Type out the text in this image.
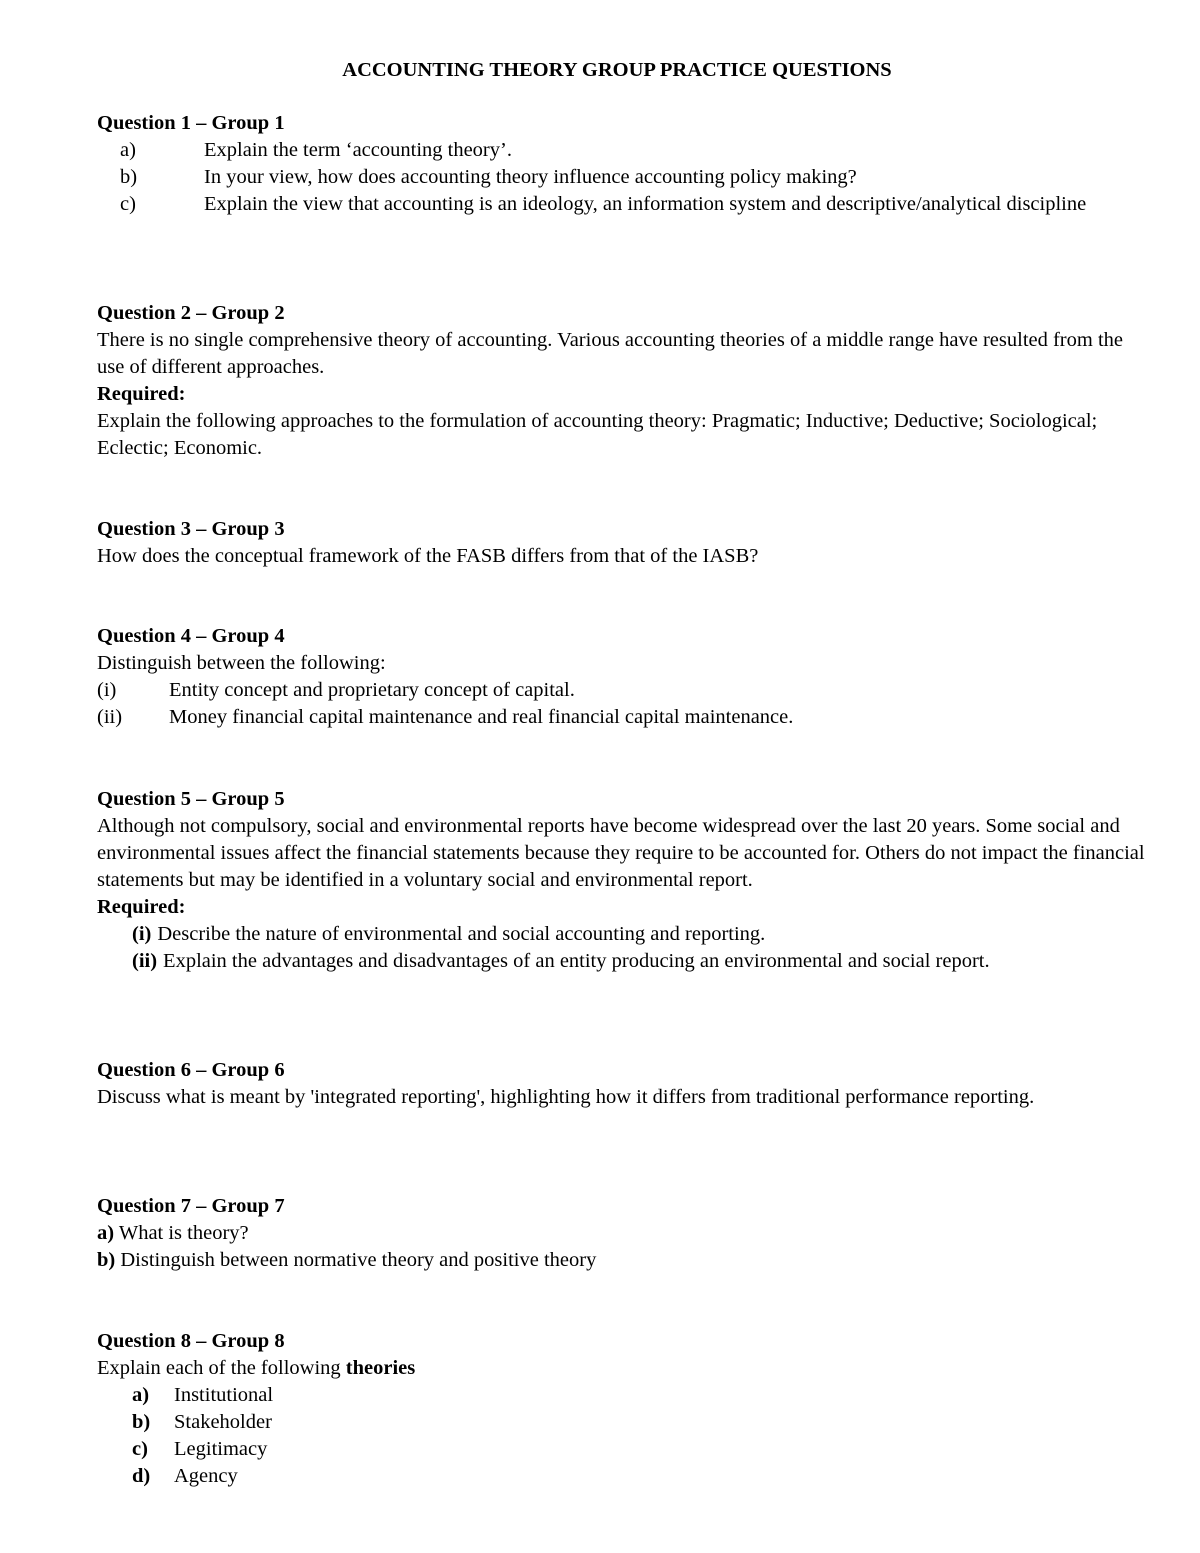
ACCOUNTING THEORY GROUP PRACTICE QUESTIONS

Question 1 – Group 1

a)	Explain the term ‘accounting theory’.
b)	In your view, how does accounting theory influence accounting policy making?
c)	Explain the view that accounting is an ideology, an information system and descriptive/analytical discipline

Question 2 – Group 2

There is no single comprehensive theory of accounting. Various accounting theories of a middle range have resulted from the use of different approaches.

Required:

Explain the following approaches to the formulation of accounting theory: Pragmatic; Inductive; Deductive; Sociological; Eclectic; Economic.

Question 3 – Group 3

How does the conceptual framework of the FASB differs from that of the IASB?

Question 4 – Group 4

Distinguish between the following:

(i)	Entity concept and proprietary concept of capital.
(ii)	Money financial capital maintenance and real financial capital maintenance.

Question 5 – Group 5

Although not compulsory, social and environmental reports have become widespread over the last 20 years. Some social and environmental issues affect the financial statements because they require to be accounted for. Others do not impact the financial statements but may be identified in a voluntary social and environmental report.

Required:

(i) Describe the nature of environmental and social accounting and reporting.
(ii) Explain the advantages and disadvantages of an entity producing an environmental and social report.

Question 6 – Group 6

Discuss what is meant by 'integrated reporting', highlighting how it differs from traditional performance reporting.

Question 7 – Group 7

a) What is theory?

b) Distinguish between normative theory and positive theory

Question 8 – Group 8

Explain each of the following theories

a)	Institutional
b)	Stakeholder
c)	Legitimacy
d)	Agency
